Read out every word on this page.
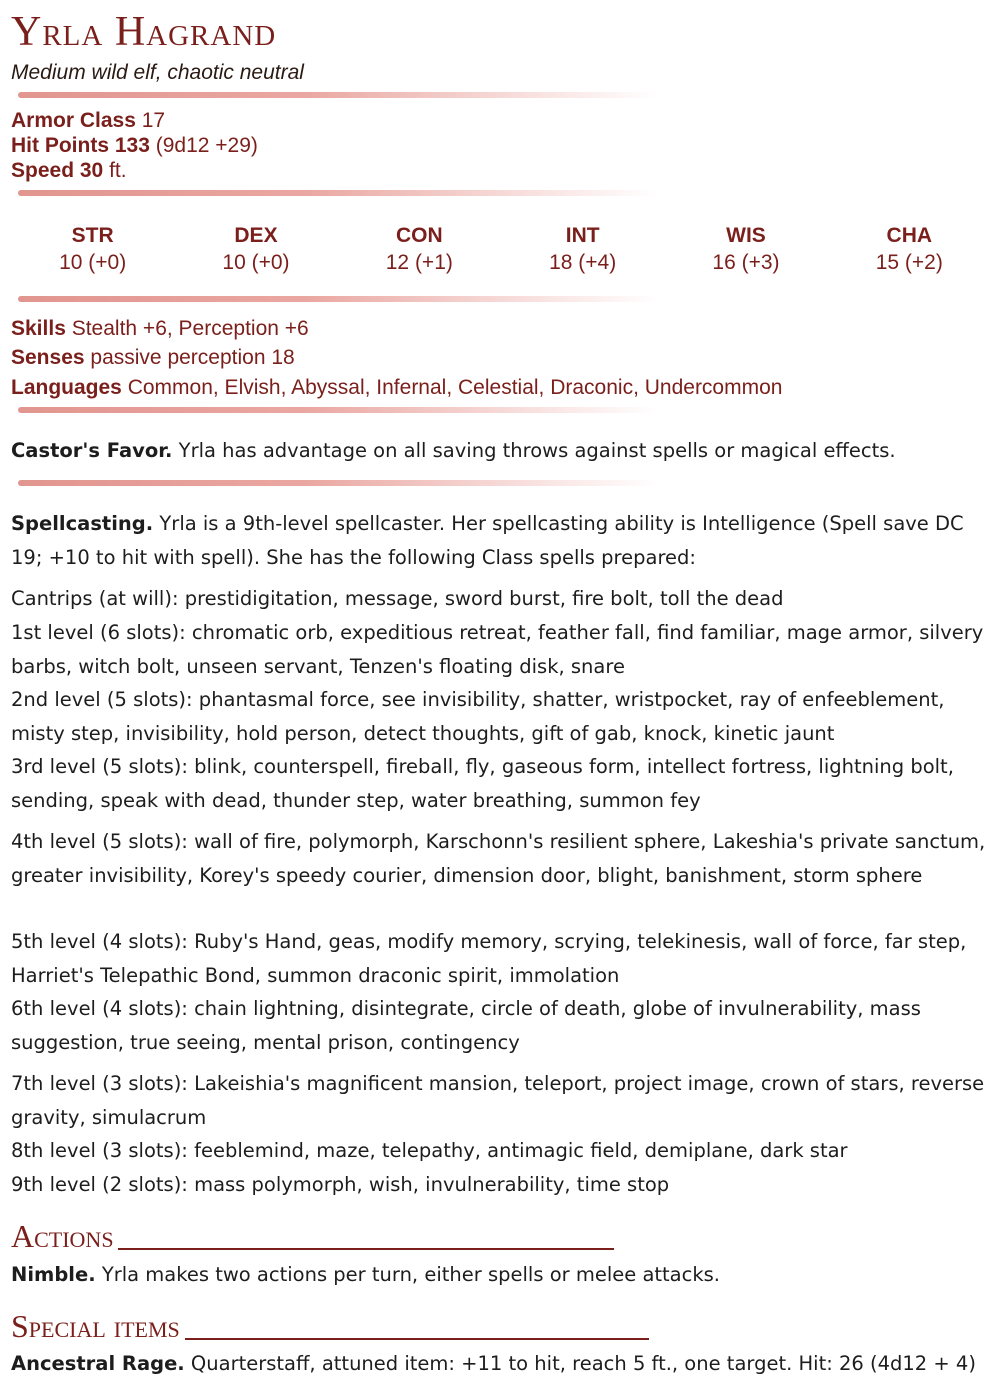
Yrla Hagrand
Medium wild elf, chaotic neutral
Armor Class 17
Hit Points 133 (9d12 +29)
Speed 30 ft.
STR
10 (+0)
DEX
10 (+0)
CON
12 (+1)
INT
18 (+4)
WIS
16 (+3)
CHA
15 (+2)
Skills Stealth +6, Perception +6
Senses passive perception 18
Languages Common, Elvish, Abyssal, Infernal, Celestial, Draconic, Undercommon
Castor's Favor. Yrla has advantage on all saving throws against spells or magical effects.
Spellcasting. Yrla is a 9th-level spellcaster. Her spellcasting ability is Intelligence (Spell save DC 19; +10 to hit with spell). She has the following Class spells prepared:
Cantrips (at will): prestidigitation, message, sword burst, fire bolt, toll the dead
1st level (6 slots): chromatic orb, expeditious retreat, feather fall, find familiar, mage armor, silvery barbs, witch bolt, unseen servant, Tenzen's floating disk, snare
2nd level (5 slots): phantasmal force, see invisibility, shatter, wristpocket, ray of enfeeblement, misty step, invisibility, hold person, detect thoughts, gift of gab, knock, kinetic jaunt
3rd level (5 slots): blink, counterspell, fireball, fly, gaseous form, intellect fortress, lightning bolt, sending, speak with dead, thunder step, water breathing, summon fey
4th level (5 slots): wall of fire, polymorph, Karschonn's resilient sphere, Lakeshia's private sanctum, greater invisibility, Korey's speedy courier, dimension door, blight, banishment, storm sphere
5th level (4 slots): Ruby's Hand, geas, modify memory, scrying, telekinesis, wall of force, far step, Harriet's Telepathic Bond, summon draconic spirit, immolation
6th level (4 slots): chain lightning, disintegrate, circle of death, globe of invulnerability, mass suggestion, true seeing, mental prison, contingency
7th level (3 slots): Lakeishia's magnificent mansion, teleport, project image, crown of stars, reverse gravity, simulacrum
8th level (3 slots): feeblemind, maze, telepathy, antimagic field, demiplane, dark star
9th level (2 slots): mass polymorph, wish, invulnerability, time stop
Actions
Nimble. Yrla makes two actions per turn, either spells or melee attacks.
Special items
Ancestral Rage. Quarterstaff, attuned item: +11 to hit, reach 5 ft., one target. Hit: 26 (4d12 + 4)
